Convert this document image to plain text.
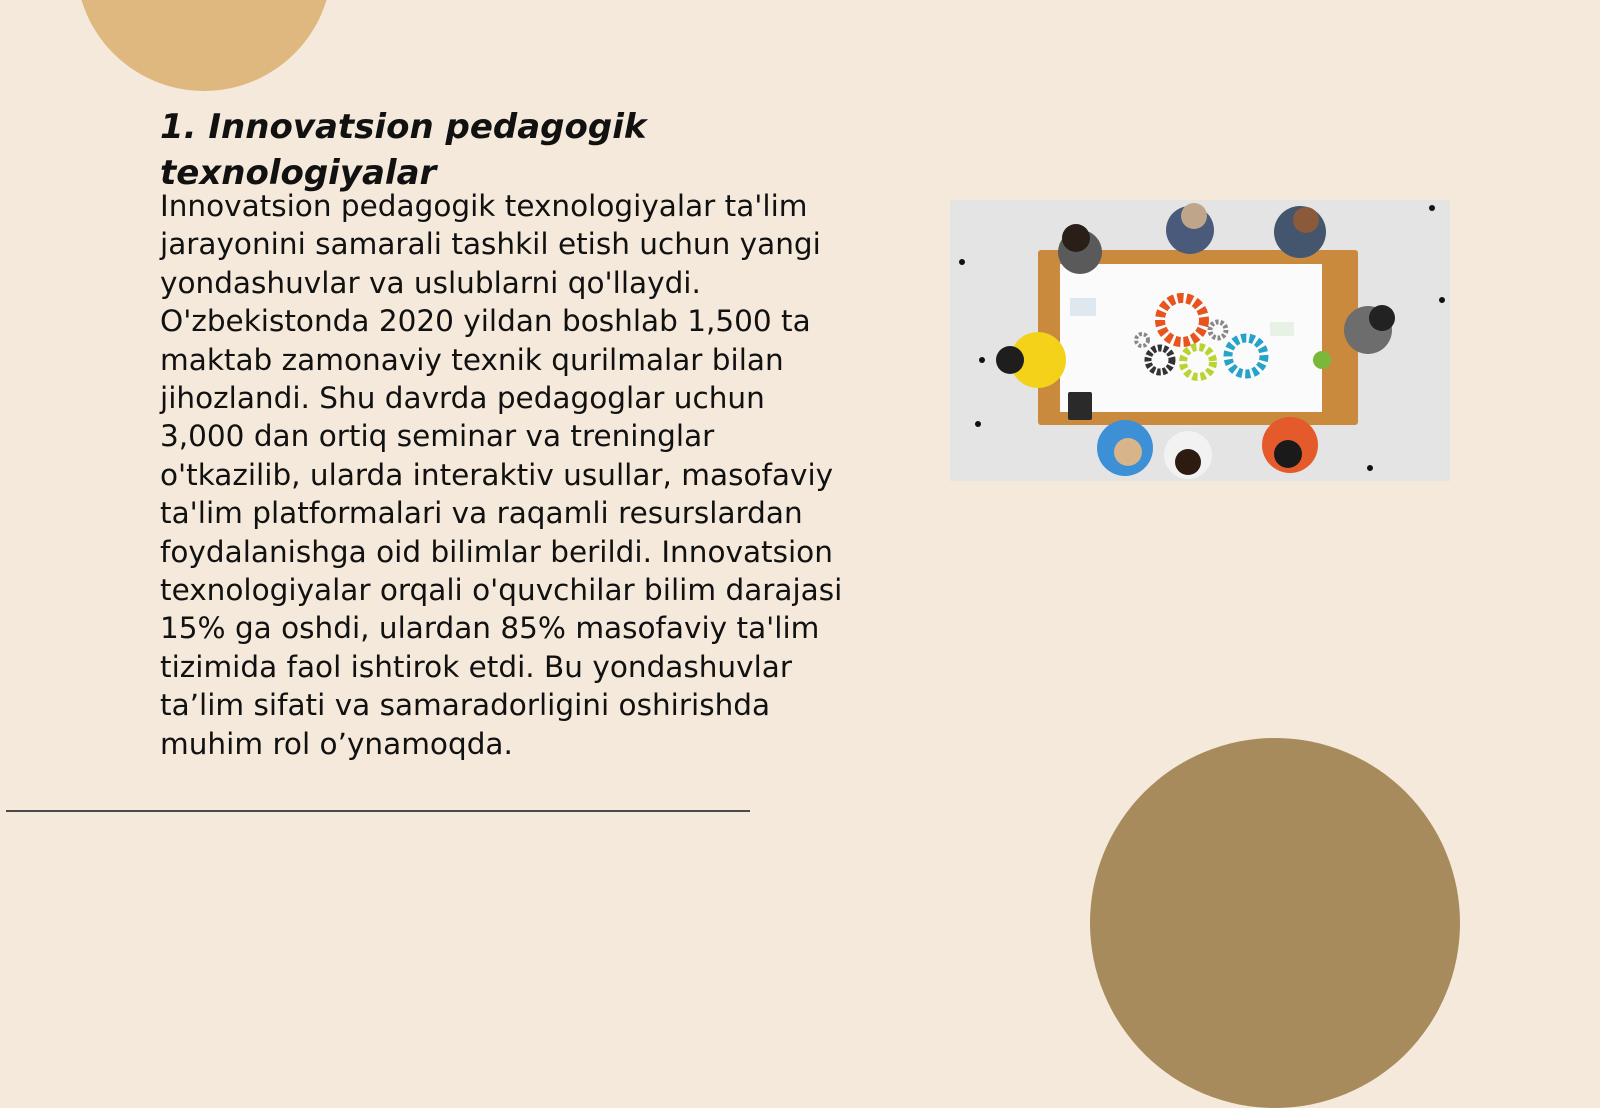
1. Innovatsion pedagogik texnologiyalar

Innovatsion pedagogik texnologiyalar ta'lim jarayonini samarali tashkil etish uchun yangi yondashuvlar va uslublarni qo'llaydi. O'zbekistonda 2020 yildan boshlab 1,500 ta maktab zamonaviy texnik qurilmalar bilan jihozlandi. Shu davrda pedagoglar uchun 3,000 dan ortiq seminar va treninglar o'tkazilib, ularda interaktiv usullar, masofaviy ta'lim platformalari va raqamli resurslardan foydalanishga oid bilimlar berildi. Innovatsion texnologiyalar orqali o'quvchilar bilim darajasi 15% ga oshdi, ulardan 85% masofaviy ta'lim tizimida faol ishtirok etdi. Bu yondashuvlar ta’lim sifati va samaradorligini oshirishda muhim rol o’ynamoqda.
